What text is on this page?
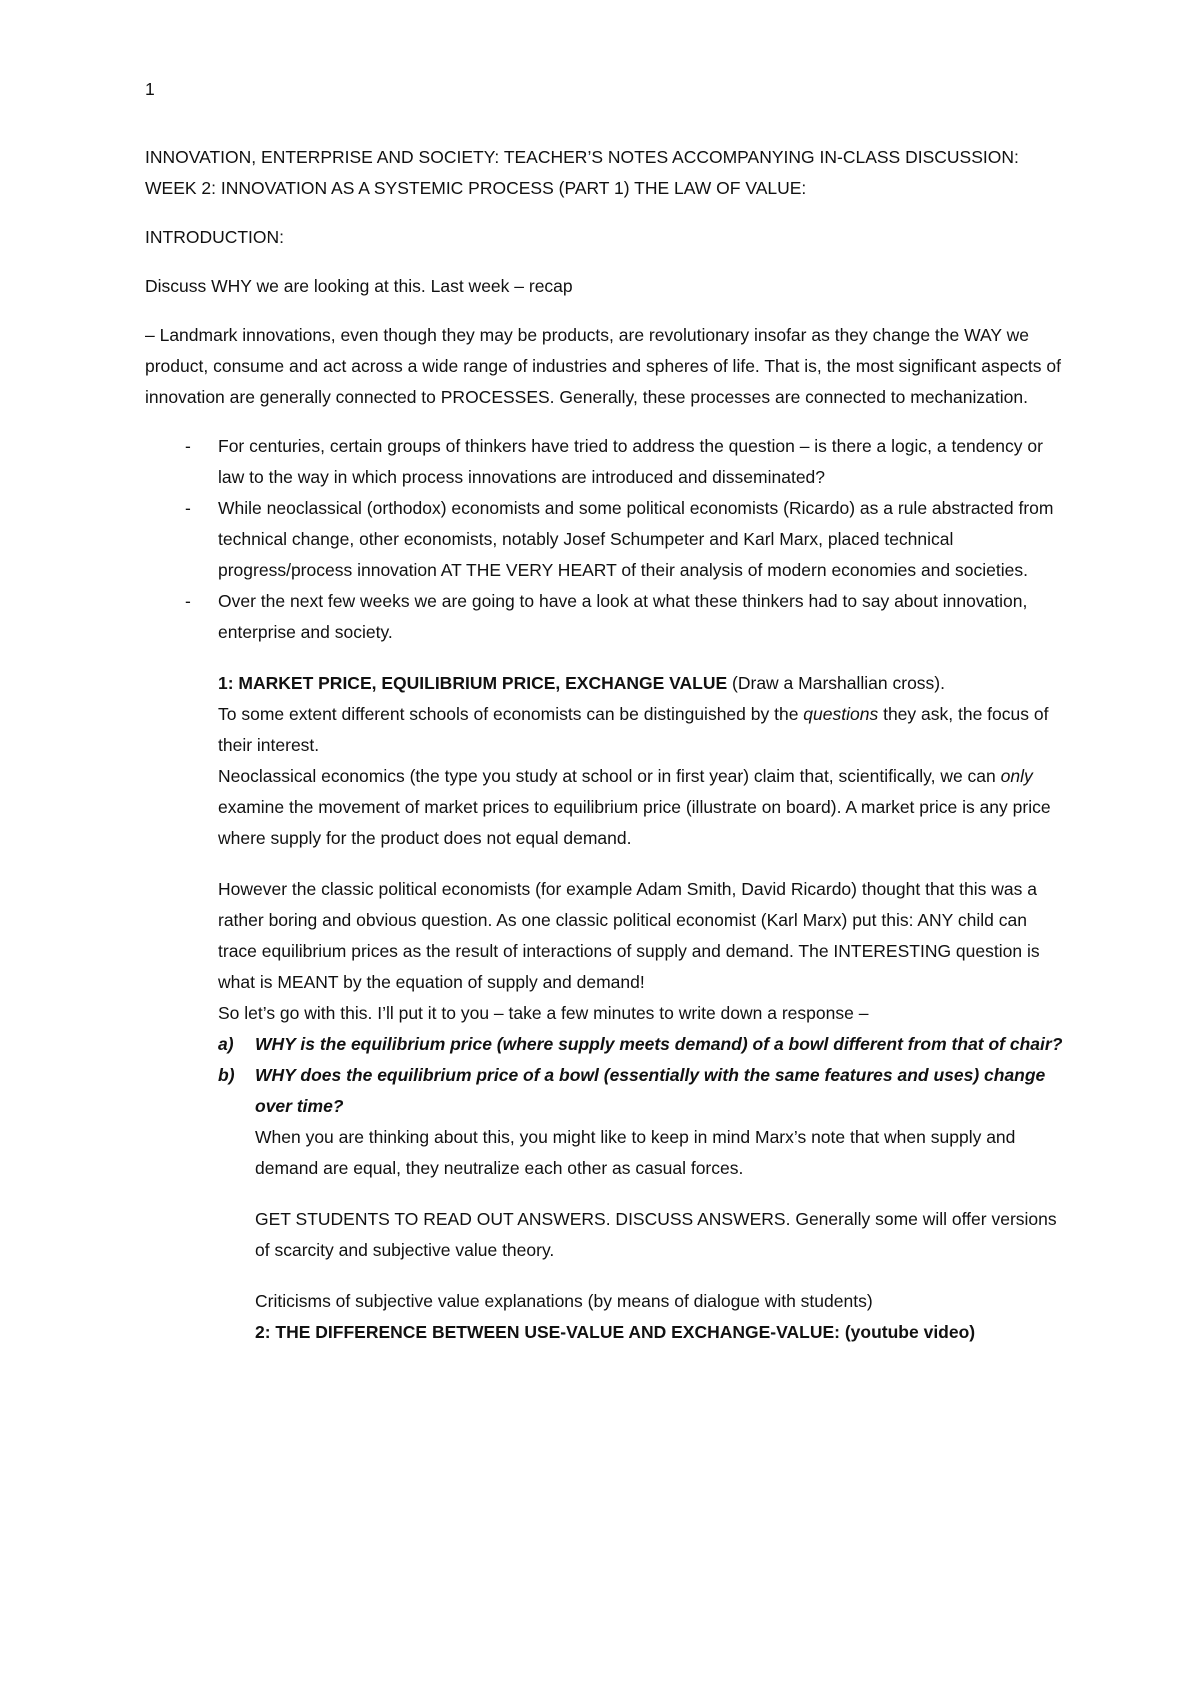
1

INNOVATION, ENTERPRISE AND SOCIETY: TEACHER’S NOTES ACCOMPANYING IN-CLASS DISCUSSION:

WEEK 2: INNOVATION AS A SYSTEMIC PROCESS (PART 1) THE LAW OF VALUE:

INTRODUCTION:

Discuss WHY we are looking at this. Last week – recap

– Landmark innovations, even though they may be products, are revolutionary insofar as they change the WAY we product, consume and act across a wide range of industries and spheres of life. That is, the most significant aspects of innovation are generally connected to PROCESSES. Generally, these processes are connected to mechanization.

- For centuries, certain groups of thinkers have tried to address the question – is there a logic, a tendency or law to the way in which process innovations are introduced and disseminated?
- While neoclassical (orthodox) economists and some political economists (Ricardo) as a rule abstracted from technical change, other economists, notably Josef Schumpeter and Karl Marx, placed technical progress/process innovation AT THE VERY HEART of their analysis of modern economies and societies.
- Over the next few weeks we are going to have a look at what these thinkers had to say about innovation, enterprise and society.

1: MARKET PRICE, EQUILIBRIUM PRICE, EXCHANGE VALUE (Draw a Marshallian cross).

To some extent different schools of economists can be distinguished by the questions they ask, the focus of their interest.

Neoclassical economics (the type you study at school or in first year) claim that, scientifically, we can only examine the movement of market prices to equilibrium price (illustrate on board). A market price is any price where supply for the product does not equal demand.

However the classic political economists (for example Adam Smith, David Ricardo) thought that this was a rather boring and obvious question. As one classic political economist (Karl Marx) put this: ANY child can trace equilibrium prices as the result of interactions of supply and demand. The INTERESTING question is what is MEANT by the equation of supply and demand!

So let’s go with this. I’ll put it to you – take a few minutes to write down a response –

a) WHY is the equilibrium price (where supply meets demand) of a bowl different from that of chair?
b) WHY does the equilibrium price of a bowl (essentially with the same features and uses) change over time?

When you are thinking about this, you might like to keep in mind Marx’s note that when supply and demand are equal, they neutralize each other as casual forces.

GET STUDENTS TO READ OUT ANSWERS. DISCUSS ANSWERS. Generally some will offer versions of scarcity and subjective value theory.

Criticisms of subjective value explanations (by means of dialogue with students)

2: THE DIFFERENCE BETWEEN USE-VALUE AND EXCHANGE-VALUE: (youtube video)
